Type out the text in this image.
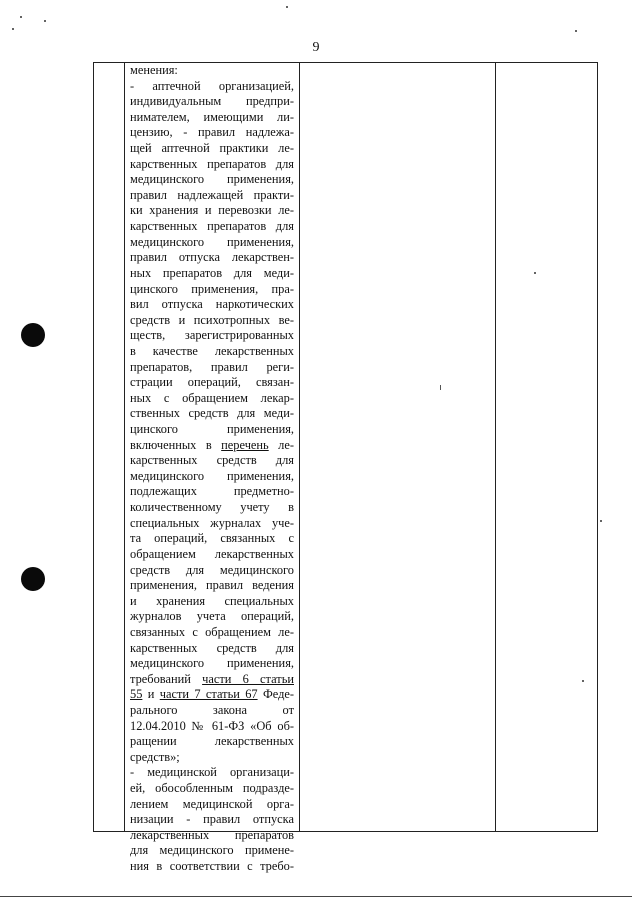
9
менения:
- аптечной организацией,
индивидуальным предпри-
нимателем, имеющими ли-
цензию, - правил надлежа-
щей аптечной практики ле-
карственных препаратов для
медицинского применения,
правил надлежащей практи-
ки хранения и перевозки ле-
карственных препаратов для
медицинского применения,
правил отпуска лекарствен-
ных препаратов для меди-
цинского применения, пра-
вил отпуска наркотических
средств и психотропных ве-
ществ, зарегистрированных
в качестве лекарственных
препаратов, правил реги-
страции операций, связан-
ных с обращением лекар-
ственных средств для меди-
цинского применения,
включенных в перечень ле-
карственных средств для
медицинского применения,
подлежащих предметно-
количественному учету в
специальных журналах уче-
та операций, связанных с
обращением лекарственных
средств для медицинского
применения, правил ведения
и хранения специальных
журналов учета операций,
связанных с обращением ле-
карственных средств для
медицинского применения,
требований части 6 статьи
55 и части 7 статьи 67 Феде-
рального закона от
12.04.2010 № 61-ФЗ «Об об-
ращении лекарственных
средств»;
- медицинской организаци-
ей, обособленным подразде-
лением медицинской орга-
низации - правил отпуска
лекарственных препаратов
для медицинского примене-
ния в соответствии с требо-
